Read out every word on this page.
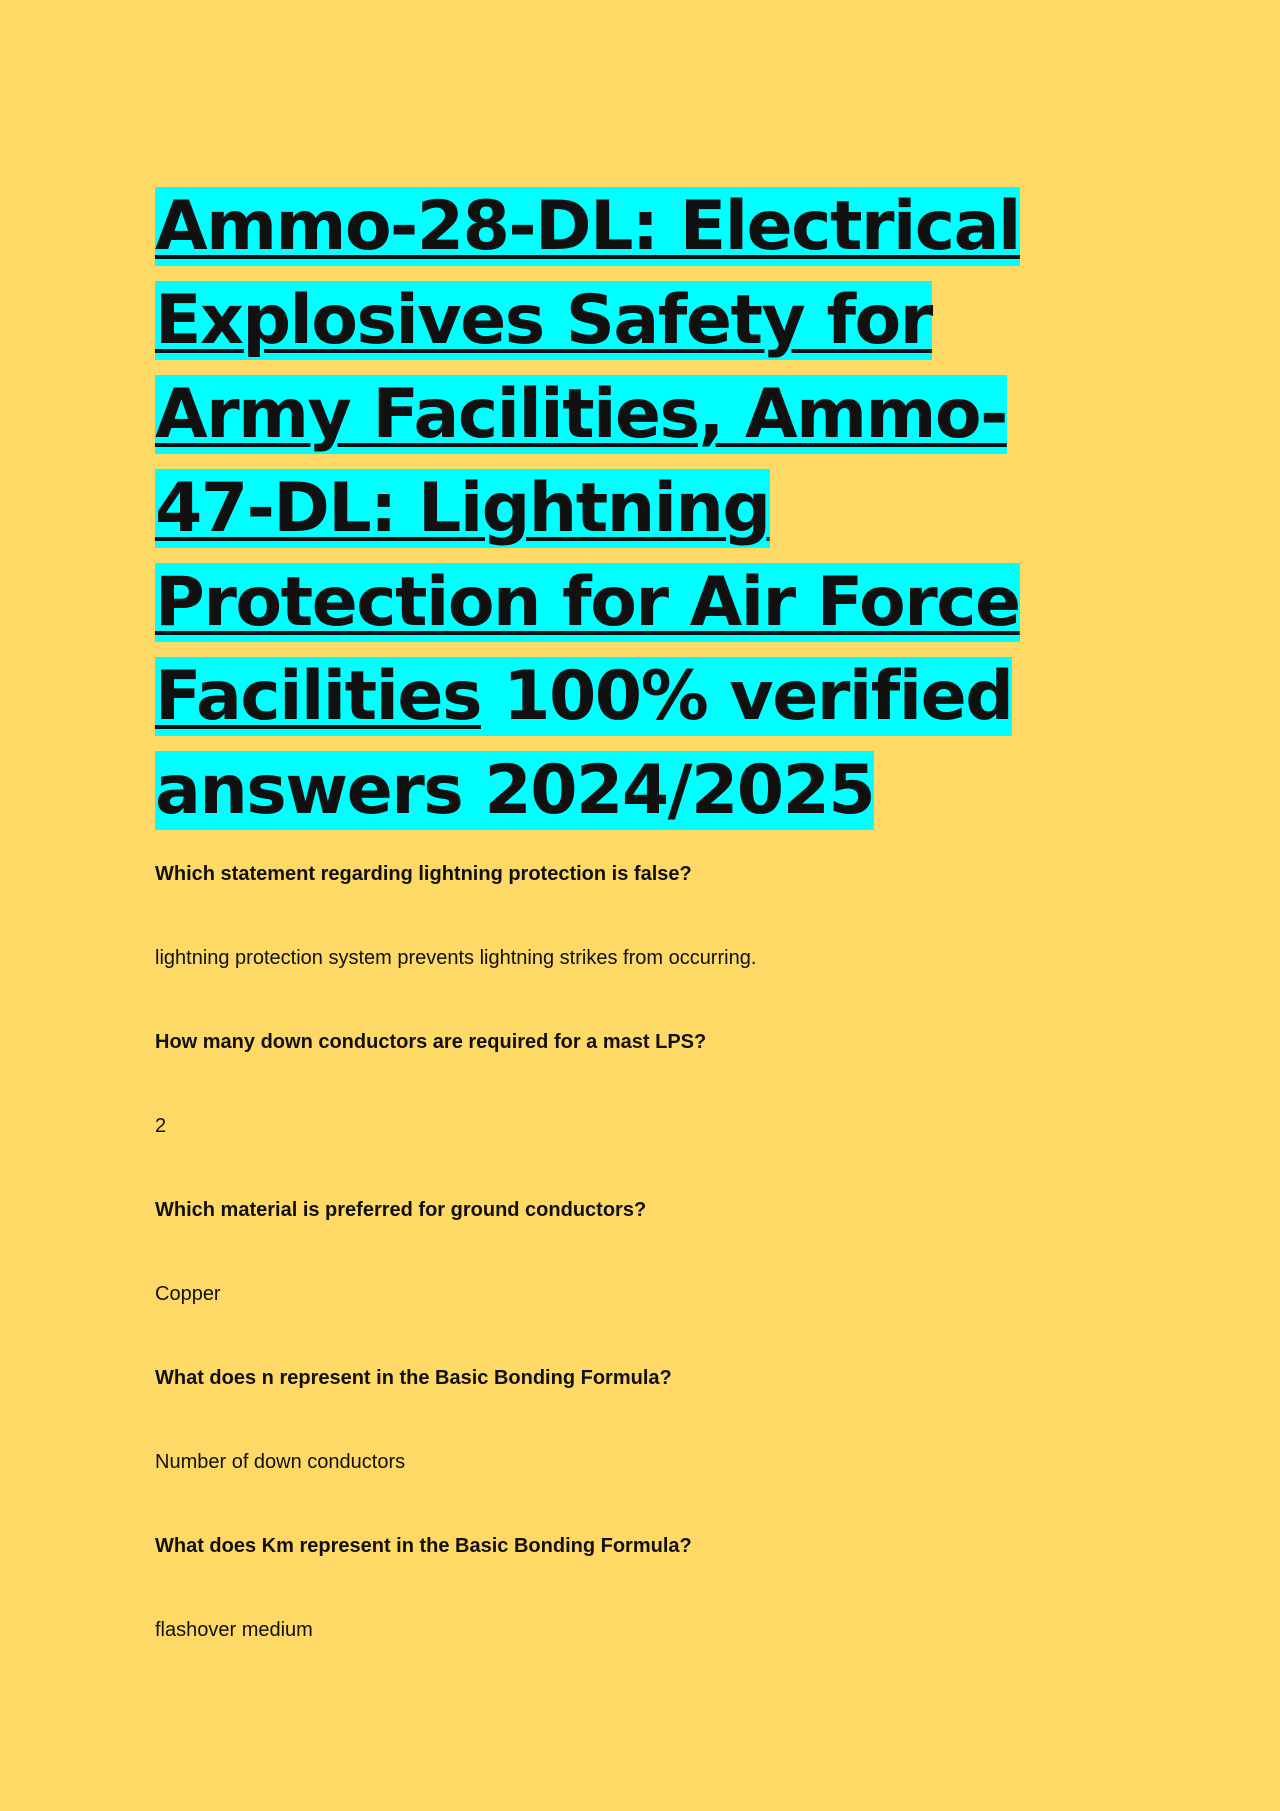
Ammo-28-DL: Electrical Explosives Safety for Army Facilities, Ammo-47-DL: Lightning Protection for Air Force Facilities 100% verified answers 2024/2025

Which statement regarding lightning protection is false?

lightning protection system prevents lightning strikes from occurring.

How many down conductors are required for a mast LPS?

2

Which material is preferred for ground conductors?

Copper

What does n represent in the Basic Bonding Formula?

Number of down conductors

What does Km represent in the Basic Bonding Formula?

flashover medium
